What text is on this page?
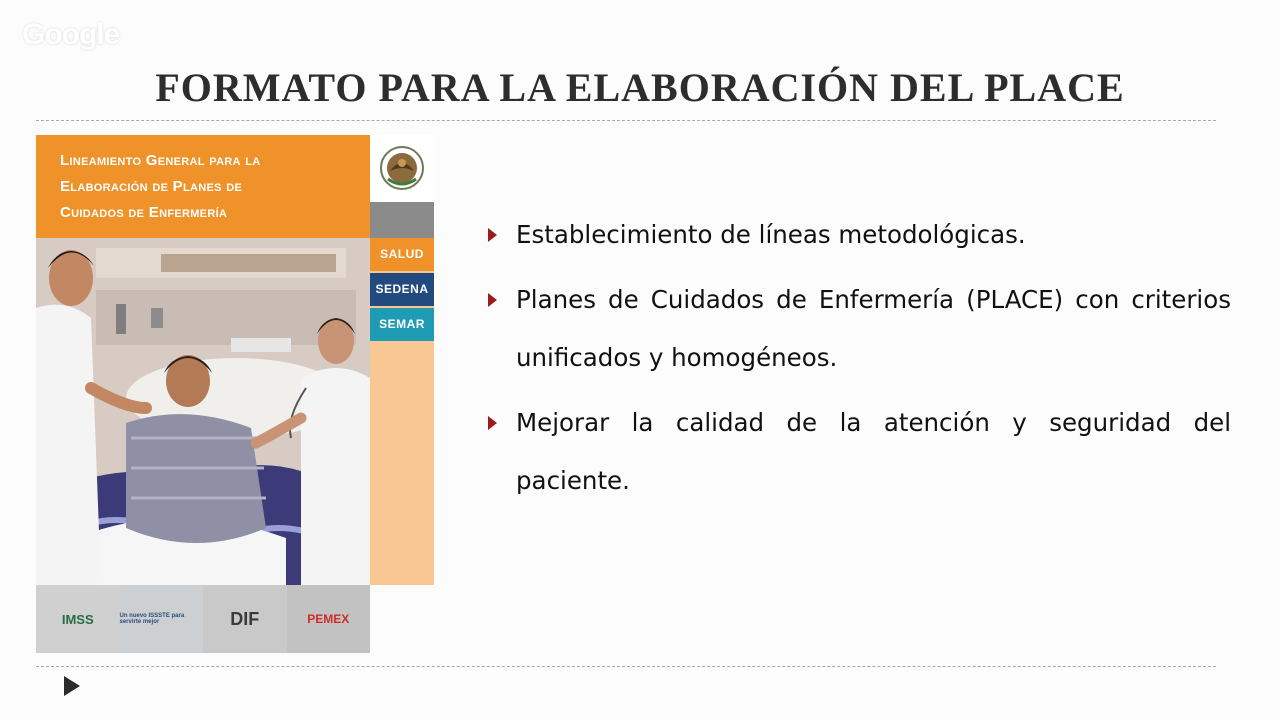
Google
FORMATO PARA LA ELABORACIÓN DEL PLACE
Lineamiento General para la
Elaboración de Planes de
Cuidados de Enfermería
SALUD
SEDENA
SEMAR
IMSS	Un nuevo ISSSTE para servirte mejor	DIF	PEMEX
Establecimiento de líneas metodológicas.
Planes de Cuidados de Enfermería (PLACE) con criterios unificados y homogéneos.
Mejorar la calidad de la atención y seguridad del paciente.
